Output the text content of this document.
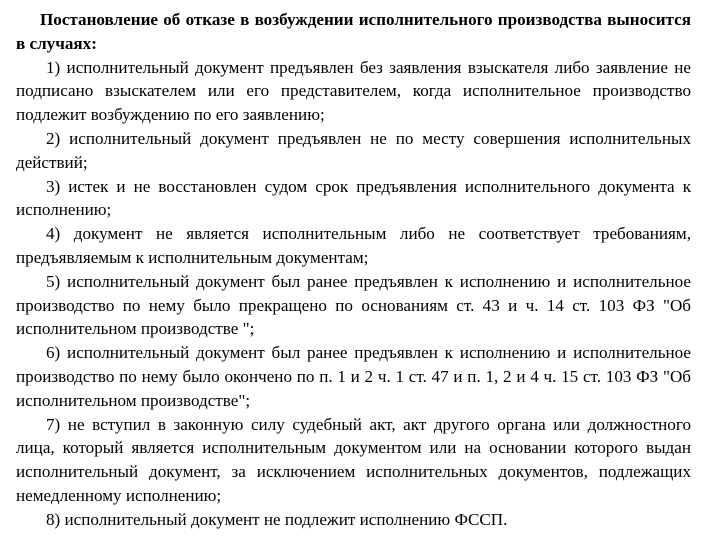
Постановление об отказе в возбуждении исполнительного производства выносится в случаях:

1) исполнительный документ предъявлен без заявления взыскателя либо заявление не подписано взыскателем или его представителем, когда исполнительное производство подлежит возбуждению по его заявлению;

2) исполнительный документ предъявлен не по месту совершения исполнительных действий;

3) истек и не восстановлен судом срок предъявления исполнительного документа к исполнению;

4) документ не является исполнительным либо не соответствует требованиям, предъявляемым к исполнительным документам;

5) исполнительный документ был ранее предъявлен к исполнению и исполнительное производство по нему было прекращено по основаниям ст. 43 и ч. 14 ст. 103 ФЗ "Об исполнительном производстве ";

6) исполнительный документ был ранее предъявлен к исполнению и исполнительное производство по нему было окончено по п. 1 и 2 ч. 1 ст. 47 и п. 1, 2 и 4 ч. 15 ст. 103 ФЗ "Об исполнительном производстве";

7) не вступил в законную силу судебный акт, акт другого органа или должностного лица, который является исполнительным документом или на основании которого выдан исполнительный документ, за исключением исполнительных документов, подлежащих немедленному исполнению;

8) исполнительный документ не подлежит исполнению ФССП.
